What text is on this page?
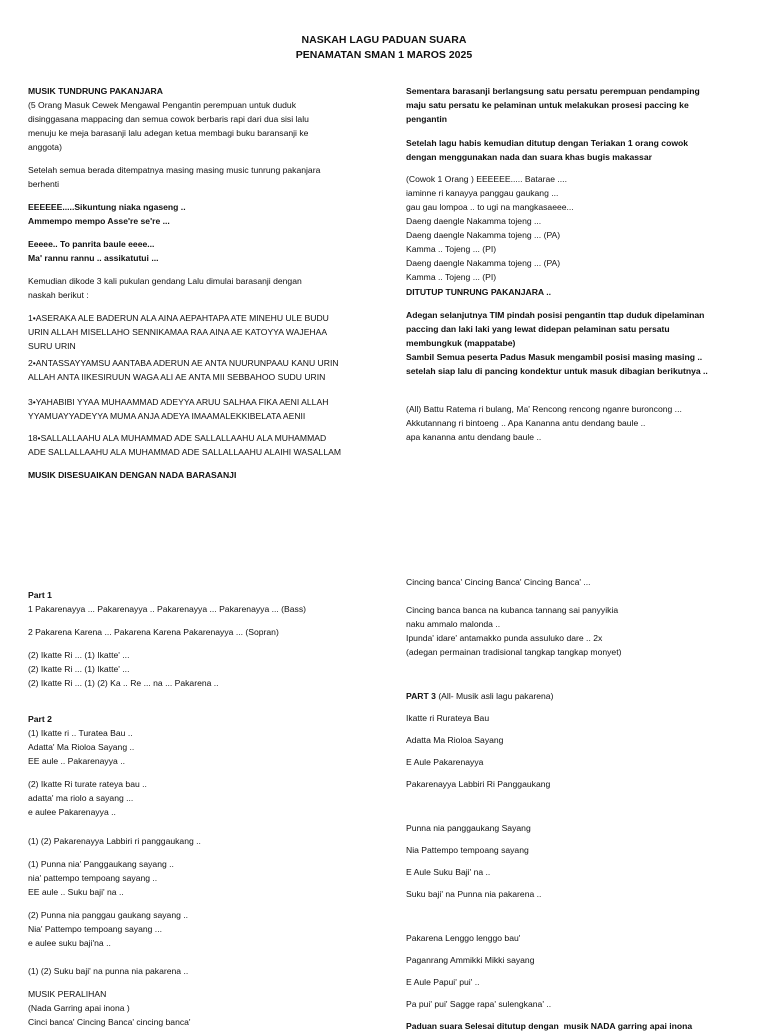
NASKAH LAGU PADUAN SUARA
PENAMATAN SMAN 1 MAROS 2025

MUSIK TUNDRUNG PAKANJARA

(5 Orang Masuk Cewek Mengawal Pengantin perempuan untuk duduk

disinggasana mappacing dan semua cowok berbaris rapi dari dua sisi lalu

menuju ke meja barasanji lalu adegan ketua membagi buku baransanji ke

anggota)

Setelah semua berada ditempatnya masing masing music tunrung pakanjara

berhenti

EEEEEE.....Sikuntung niaka ngaseng ..

Ammempo mempo Asse're se're ...

Eeeee.. To panrita baule eeee...

Ma' rannu rannu .. assikatutui ...

Kemudian dikode 3 kali pukulan gendang Lalu dimulai barasanji dengan

naskah berikut :

1•ASERAKA ALE BADERUN ALA AINA AEPAHTAPA ATE MINEHU ULE BUDU

URIN ALLAH MISELLAHO SENNIKAMAA RAA AINA AE KATOYYA WAJEHAA

SURU URIN

2•ANTASSAYYAMSU AANTABA ADERUN AE ANTA NUURUNPAAU KANU URIN

ALLAH ANTA IIKESIRUUN WAGA ALI AE ANTA MII SEBBAHOO SUDU URIN

3•YAHABIBI YYAA MUHAAMMAD ADEYYA ARUU SALHAA FIKA AENI ALLAH

YYAMUAYYADEYYA MUMA ANJA ADEYA IMAAMALEKKIBELATA AENII

18•SALLALLAAHU ALA MUHAMMAD ADE SALLALLAAHU ALA MUHAMMAD

ADE SALLALLAAHU ALA MUHAMMAD ADE SALLALLAAHU ALAIHI WASALLAM

MUSIK DISESUAIKAN DENGAN NADA BARASANJI

Sementara barasanji berlangsung satu persatu perempuan pendamping

maju satu persatu ke pelaminan untuk melakukan prosesi paccing ke

pengantin

Setelah lagu habis kemudian ditutup dengan Teriakan 1 orang cowok

dengan menggunakan nada dan suara khas bugis makassar

(Cowok 1 Orang ) EEEEEE..... Batarae ....

iaminne ri kanayya panggau gaukang ...

gau gau lompoa .. to ugi na mangkasaeee...

Daeng daengle Nakamma tojeng ...

Daeng daengle Nakamma tojeng ... (PA)

Kamma .. Tojeng ... (PI)

Daeng daengle Nakamma tojeng ... (PA)

Kamma .. Tojeng ... (PI)

DITUTUP TUNRUNG PAKANJARA ..

Adegan selanjutnya TIM pindah posisi pengantin ttap duduk dipelaminan

paccing dan laki laki yang lewat didepan pelaminan satu persatu

membungkuk (mappatabe)

Sambil Semua peserta Padus Masuk mengambil posisi masing masing ..

setelah siap lalu di pancing kondektur untuk masuk dibagian berikutnya ..

(All) Battu Ratema ri bulang, Ma' Rencong rencong nganre buroncong ...

Akkutannang ri bintoeng .. Apa Kananna antu dendang baule ..

apa kananna antu dendang baule ..

Part 1

1 Pakarenayya ... Pakarenayya .. Pakarenayya ... Pakarenayya ... (Bass)

2 Pakarena Karena ... Pakarena Karena Pakarenayya ... (Sopran)

(2) Ikatte Ri ... (1) Ikatte' ...

(2) Ikatte Ri ... (1) Ikatte' ...

(2) Ikatte Ri ... (1) (2) Ka .. Re ... na ... Pakarena ..

Part 2

(1) Ikatte ri .. Turatea Bau ..

Adatta' Ma Rioloa Sayang ..

EE aule .. Pakarenayya ..

(2) Ikatte Ri turate rateya bau ..

adatta' ma riolo a sayang ...

e aulee Pakarenayya ..

(1) (2) Pakarenayya Labbiri ri panggaukang ..

(1) Punna nia' Panggaukang sayang ..

nia' pattempo tempoang sayang ..

EE aule .. Suku baji' na ..

(2) Punna nia panggau gaukang sayang ..

Nia' Pattempo tempoang sayang ...

e aulee suku baji'na ..

(1) (2) Suku baji' na punna nia pakarena ..

MUSIK PERALIHAN

(Nada Garring apai inona )

Cinci banca' Cincing Banca' cincing banca'

Cincing banca' Cincing Banca' Cincing Banca' ...

Cincing banca banca na kubanca tannang sai panyyikia

naku ammalo malonda ..

Ipunda' idare' antamakko punda assuluko dare .. 2x

(adegan permainan tradisional tangkap tangkap monyet)

PART 3 (All- Musik asli lagu pakarena)

Ikatte ri Rurateya Bau

Adatta Ma Rioloa Sayang

E Aule Pakarenayya

Pakarenayya Labbiri Ri Panggaukang

Punna nia panggaukang Sayang

Nia Pattempo tempoang sayang

E Aule Suku Baji' na ..

Suku baji' na Punna nia pakarena ..

Pakarena Lenggo lenggo bau'

Paganrang Ammikki Mikki sayang

E Aule Papui' pui' ..

Pa pui' pui' Sagge rapa' sulengkana' ..

Paduan suara Selesai ditutup dengan  musik NADA garring apai inona
